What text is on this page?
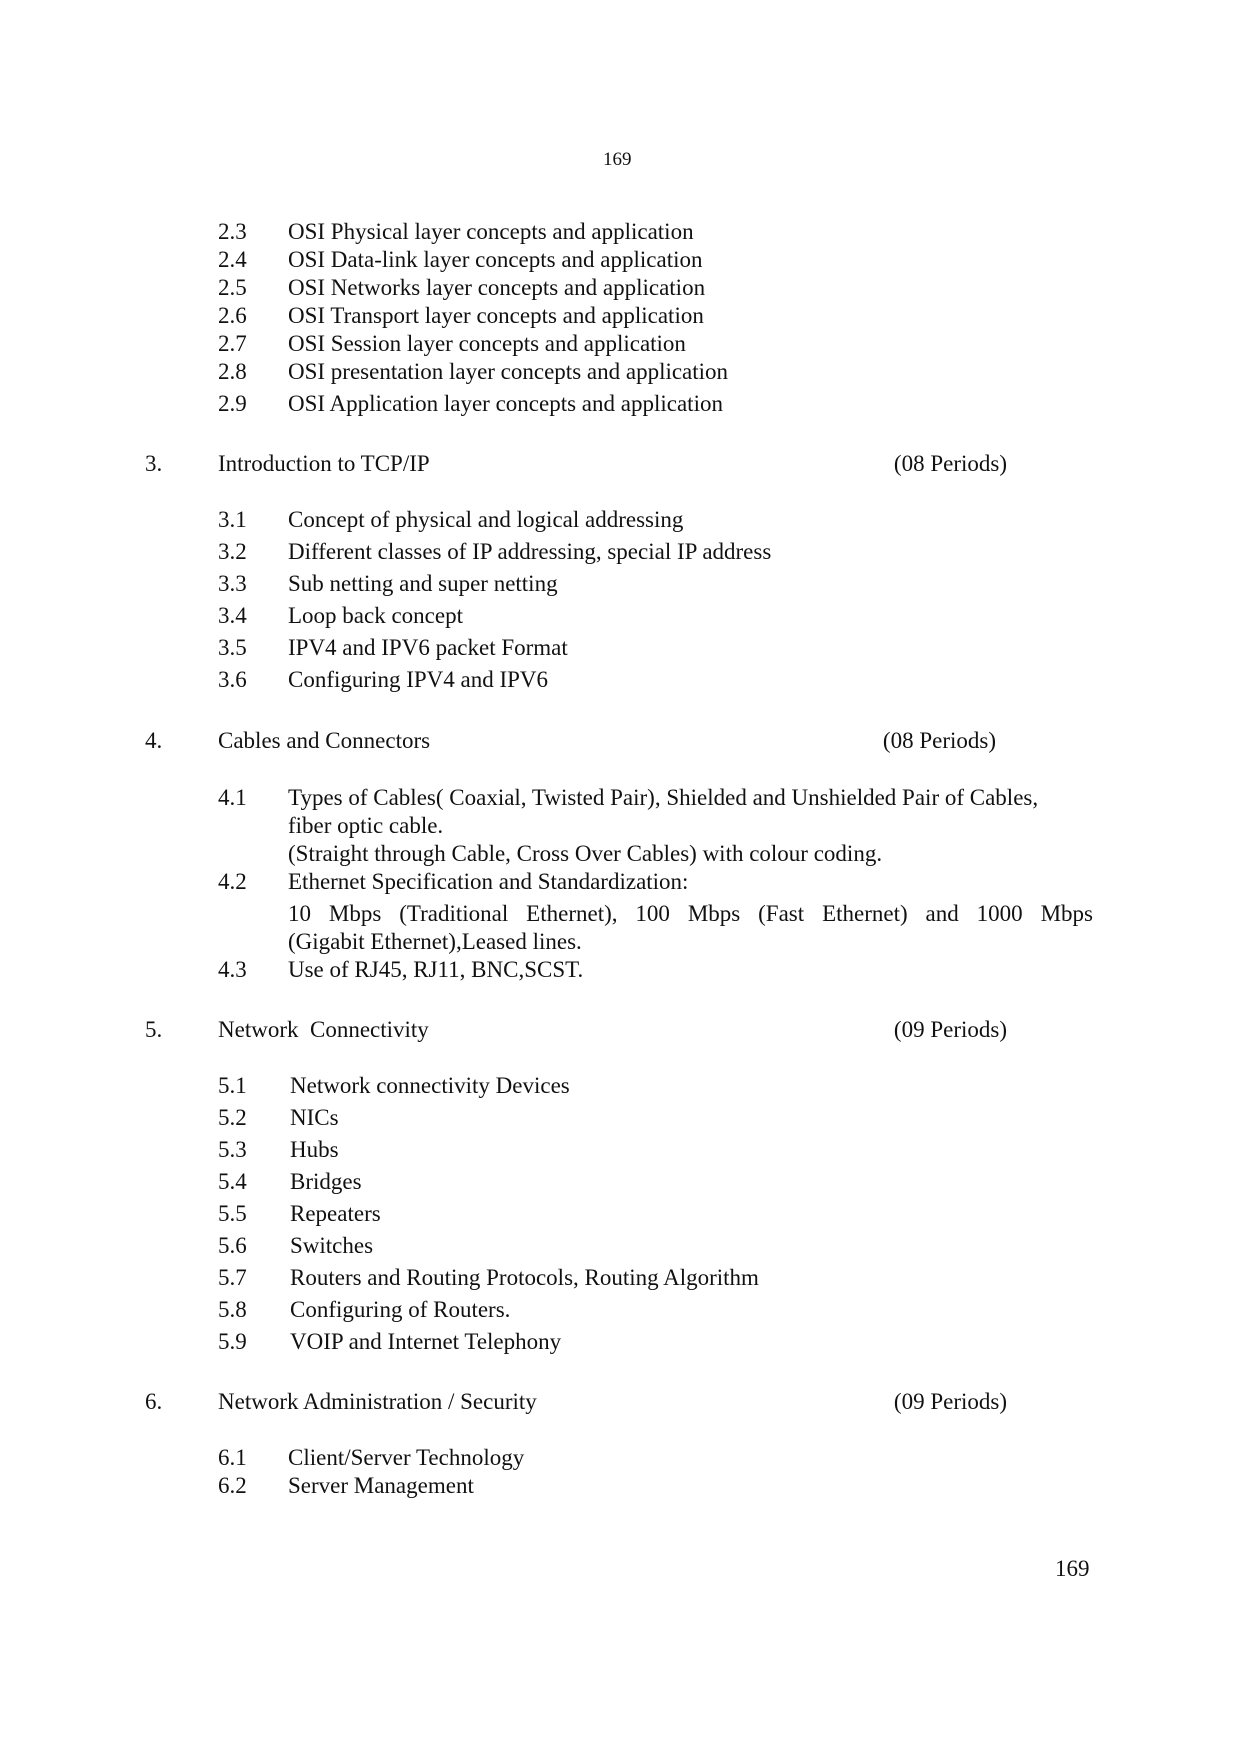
169
2.3	OSI Physical layer concepts and application
2.4	OSI Data-link layer concepts and application
2.5	OSI Networks layer concepts and application
2.6	OSI Transport layer concepts and application
2.7	OSI Session layer concepts and application
2.8	OSI presentation layer concepts and application
2.9	OSI Application layer concepts and application
3. Introduction to TCP/IP	(08 Periods)
3.1	Concept of physical and logical addressing
3.2	Different classes of IP addressing, special IP address
3.3	Sub netting and super netting
3.4	Loop back concept
3.5	IPV4 and IPV6 packet Format
3.6	Configuring IPV4 and IPV6
4. Cables and Connectors	(08 Periods)
4.1	Types of Cables( Coaxial, Twisted Pair), Shielded and Unshielded Pair of Cables,
fiber optic cable.
(Straight through Cable, Cross Over Cables) with colour coding.
4.2	Ethernet Specification and Standardization:
10 Mbps (Traditional Ethernet), 100 Mbps (Fast Ethernet) and 1000 Mbps
(Gigabit Ethernet),Leased lines.
4.3	Use of RJ45, RJ11, BNC,SCST.
5. Network  Connectivity	(09 Periods)
5.1	Network connectivity Devices
5.2	NICs
5.3	Hubs
5.4	Bridges
5.5	Repeaters
5.6	Switches
5.7	Routers and Routing Protocols, Routing Algorithm
5.8	Configuring of Routers.
5.9	VOIP and Internet Telephony
6. Network Administration / Security	(09 Periods)
6.1	Client/Server Technology
6.2	Server Management
169
